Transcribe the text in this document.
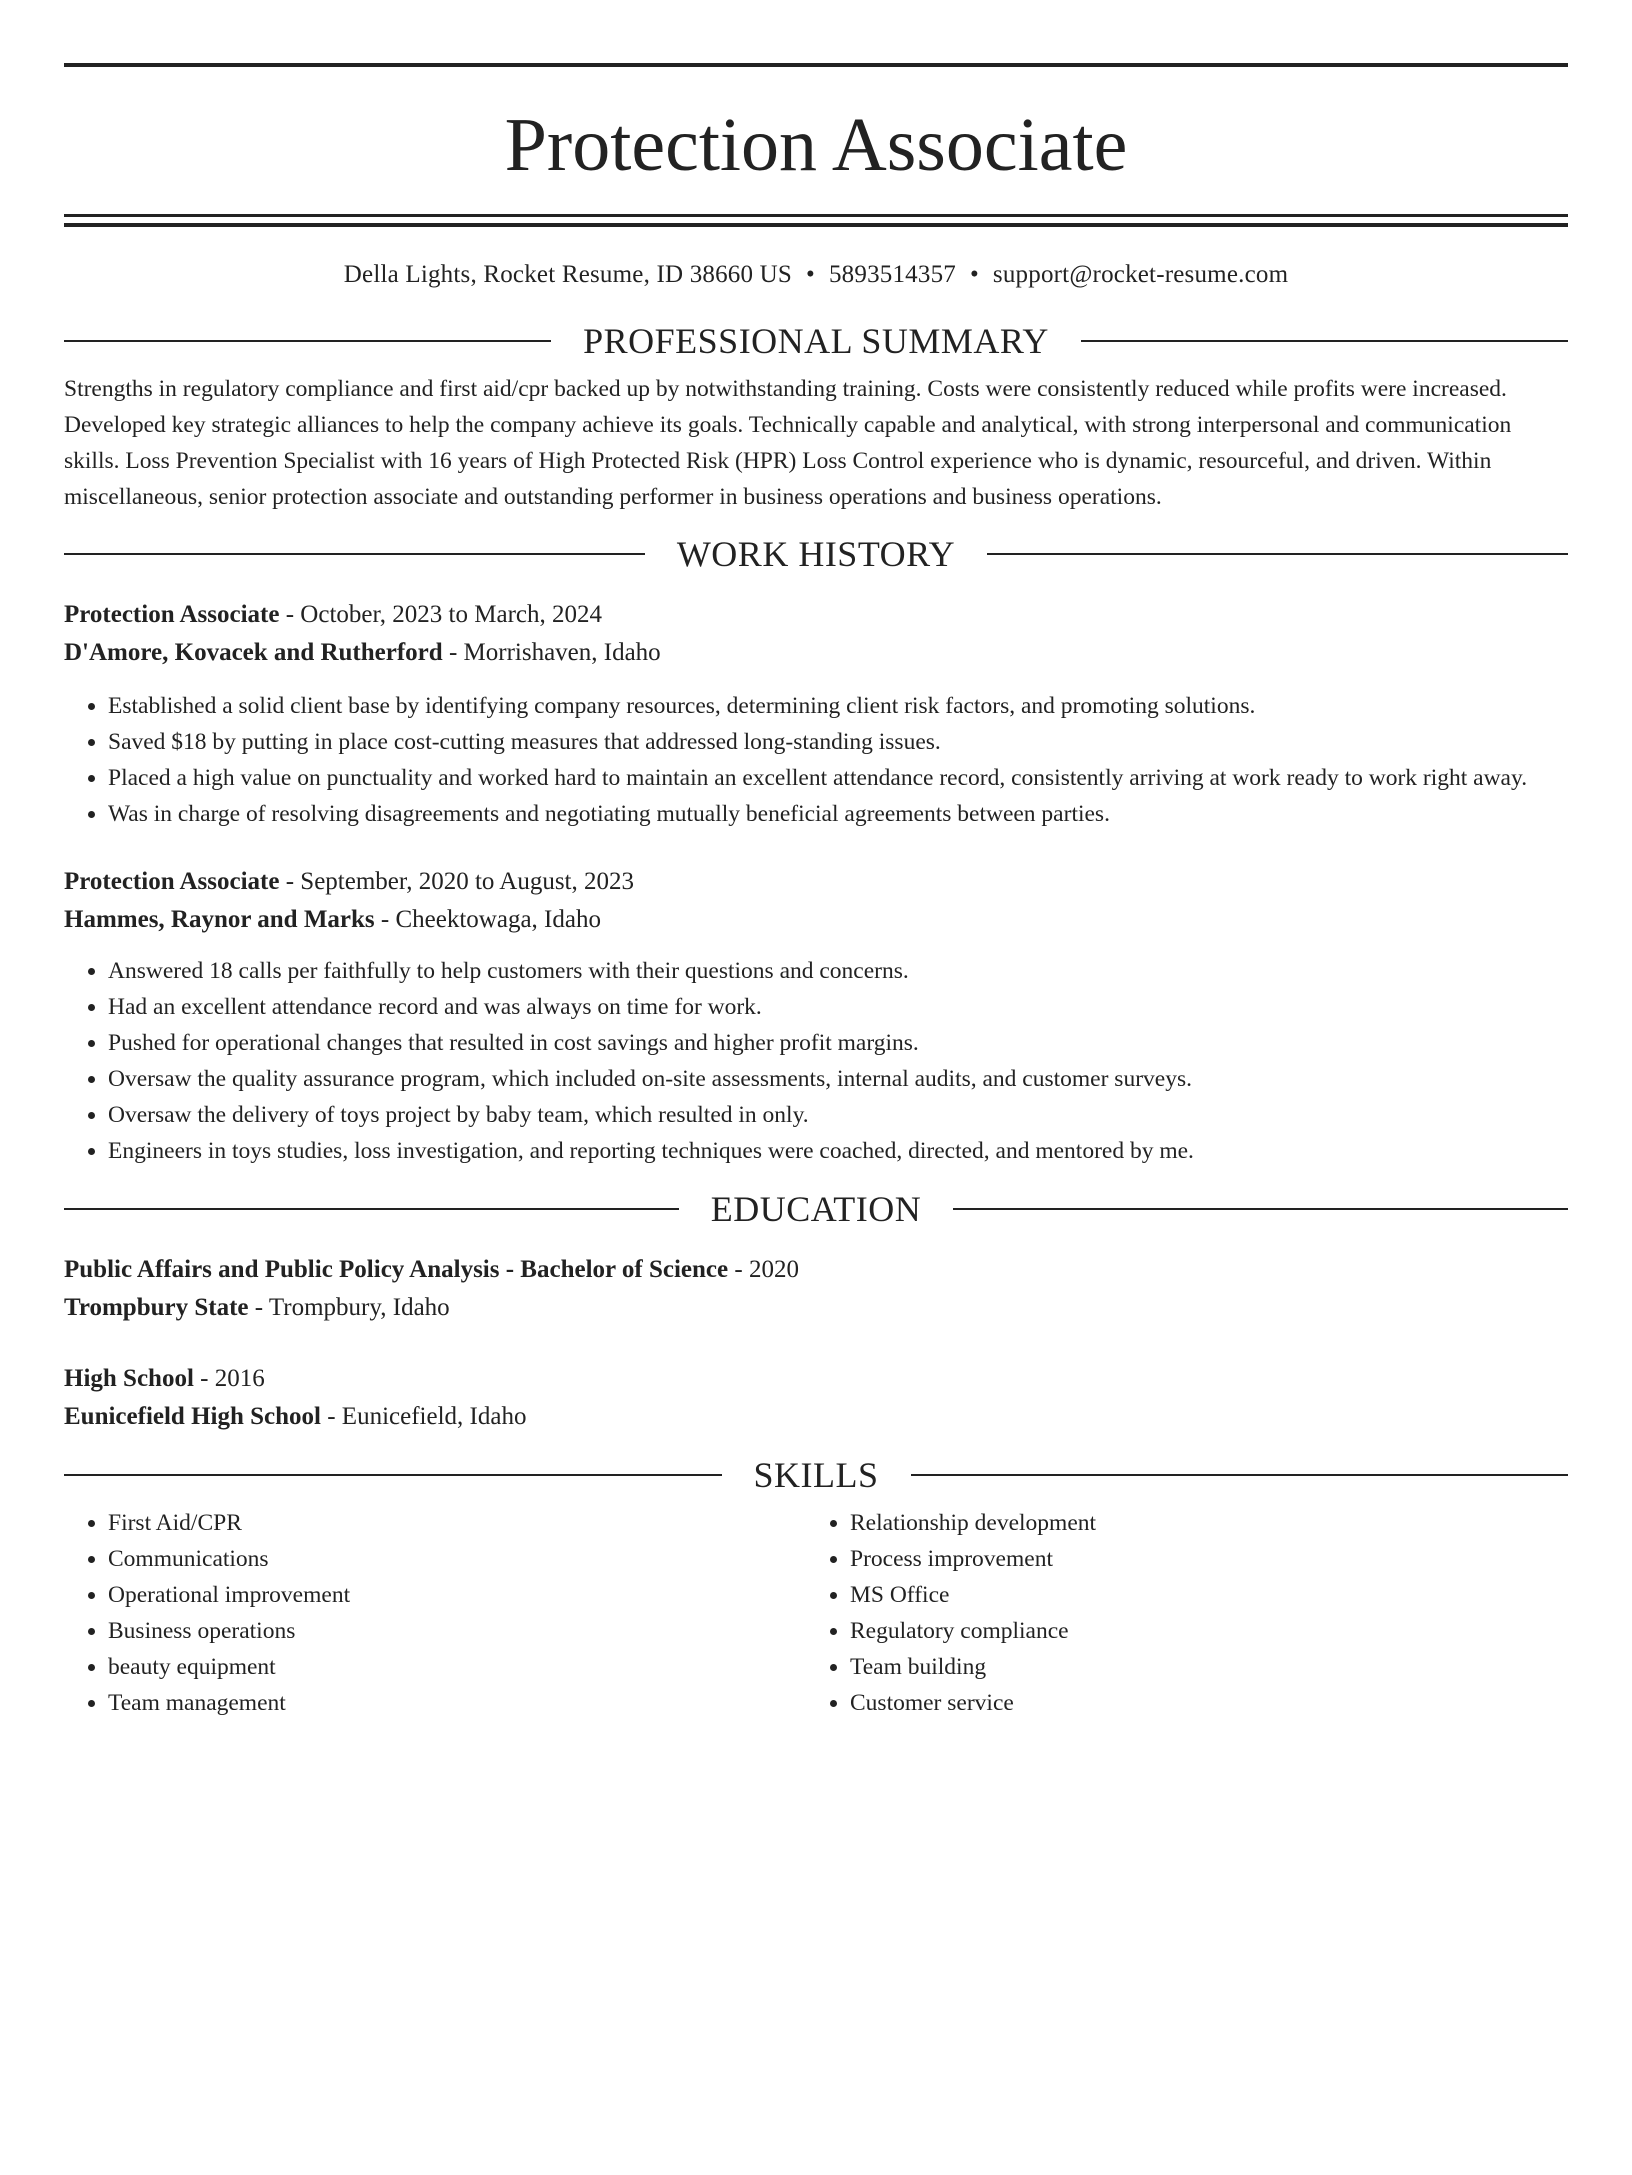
Protection Associate
Della Lights, Rocket Resume, ID 38660 US • 5893514357 • support@rocket-resume.com
PROFESSIONAL SUMMARY
Strengths in regulatory compliance and first aid/cpr backed up by notwithstanding training. Costs were consistently reduced while profits were increased. Developed key strategic alliances to help the company achieve its goals. Technically capable and analytical, with strong interpersonal and communication skills. Loss Prevention Specialist with 16 years of High Protected Risk (HPR) Loss Control experience who is dynamic, resourceful, and driven. Within miscellaneous, senior protection associate and outstanding performer in business operations and business operations.
WORK HISTORY
Protection Associate - October, 2023 to March, 2024
D'Amore, Kovacek and Rutherford - Morrishaven, Idaho
• Established a solid client base by identifying company resources, determining client risk factors, and promoting solutions.
• Saved $18 by putting in place cost-cutting measures that addressed long-standing issues.
• Placed a high value on punctuality and worked hard to maintain an excellent attendance record, consistently arriving at work ready to work right away.
• Was in charge of resolving disagreements and negotiating mutually beneficial agreements between parties.
Protection Associate - September, 2020 to August, 2023
Hammes, Raynor and Marks - Cheektowaga, Idaho
• Answered 18 calls per faithfully to help customers with their questions and concerns.
• Had an excellent attendance record and was always on time for work.
• Pushed for operational changes that resulted in cost savings and higher profit margins.
• Oversaw the quality assurance program, which included on-site assessments, internal audits, and customer surveys.
• Oversaw the delivery of toys project by baby team, which resulted in only.
• Engineers in toys studies, loss investigation, and reporting techniques were coached, directed, and mentored by me.
EDUCATION
Public Affairs and Public Policy Analysis - Bachelor of Science - 2020
Trompbury State - Trompbury, Idaho
High School - 2016
Eunicefield High School - Eunicefield, Idaho
SKILLS
• First Aid/CPR
• Communications
• Operational improvement
• Business operations
• beauty equipment
• Team management
• Relationship development
• Process improvement
• MS Office
• Regulatory compliance
• Team building
• Customer service
